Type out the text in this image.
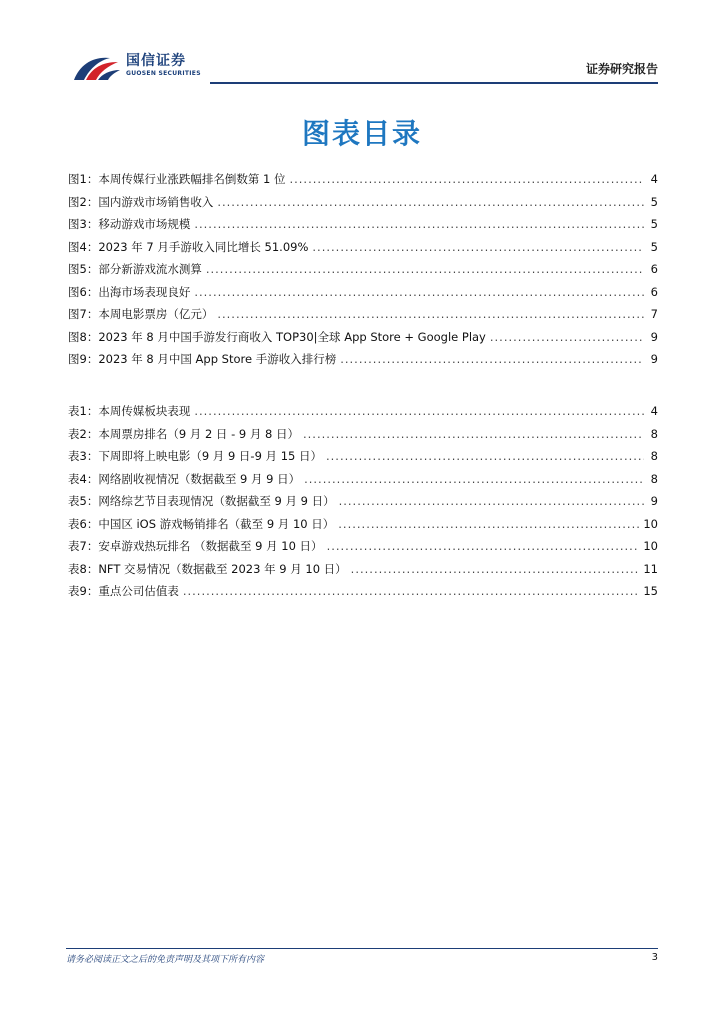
国信证券
GUOSEN SECURITIES	证券研究报告
图表目录
图1： 本周传媒行业涨跌幅排名倒数第 1 位 .....	4
图2： 国内游戏市场销售收入 .....	5
图3： 移动游戏市场规模 .....	5
图4： 2023 年 7 月手游收入同比增长 51.09% .....	5
图5： 部分新游戏流水测算 .....	6
图6： 出海市场表现良好 .....	6
图7： 本周电影票房（亿元） .....	7
图8： 2023 年 8 月中国手游发行商收入 TOP30|全球 App Store + Google Play .....	9
图9： 2023 年 8 月中国 App Store 手游收入排行榜 .....	9
表1： 本周传媒板块表现 .....	4
表2： 本周票房排名（9 月 2 日 - 9 月 8 日） .....	8
表3： 下周即将上映电影（9 月 9 日-9 月 15 日） .....	8
表4： 网络剧收视情况（数据截至 9 月 9 日） .....	8
表5： 网络综艺节目表现情况（数据截至 9 月 9 日） .....	9
表6： 中国区 iOS 游戏畅销排名（截至 9 月 10 日） .....	10
表7： 安卓游戏热玩排名 （数据截至 9 月 10 日） .....	10
表8： NFT 交易情况（数据截至 2023 年 9 月 10 日） .....	11
表9： 重点公司估值表 .....	15
请务必阅读正文之后的免责声明及其项下所有内容	3
